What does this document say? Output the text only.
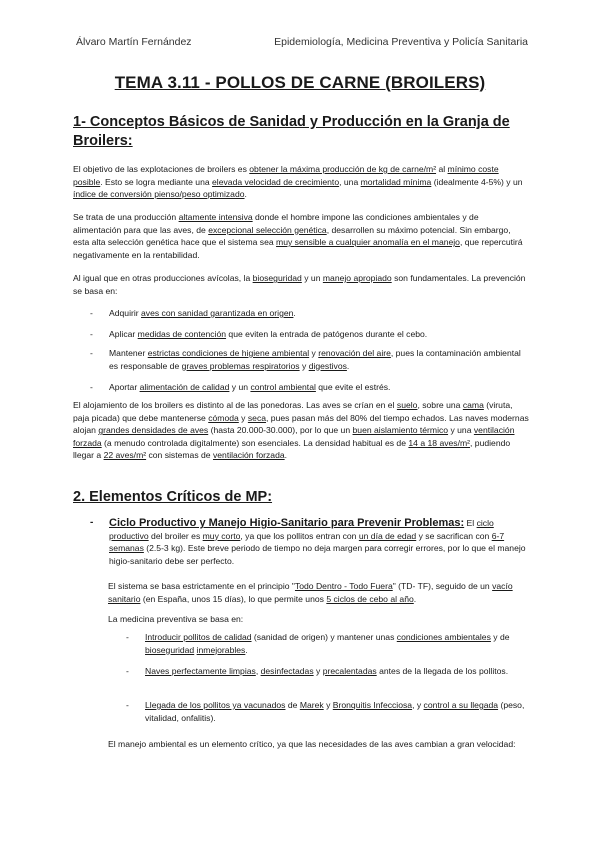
Álvaro Martín Fernández	Epidemiología, Medicina Preventiva y Policía Sanitaria
TEMA 3.11 - POLLOS DE CARNE (BROILERS)
1- Conceptos Básicos de Sanidad y Producción en la Granja de
Broilers:

El objetivo de las explotaciones de broilers es obtener la máxima producción de kg de carne/m² al mínimo coste posible. Esto se logra mediante una elevada velocidad de crecimiento, una mortalidad mínima (idealmente 4-5%) y un índice de conversión pienso/peso optimizado.

Se trata de una producción altamente intensiva donde el hombre impone las condiciones ambientales y de alimentación para que las aves, de excepcional selección genética, desarrollen su máximo potencial. Sin embargo, esta alta selección genética hace que el sistema sea muy sensible a cualquier anomalía en el manejo, que repercutirá negativamente en la rentabilidad.

Al igual que en otras producciones avícolas, la bioseguridad y un manejo apropiado son fundamentales. La prevención se basa en:

- Adquirir aves con sanidad garantizada en origen.
- Aplicar medidas de contención que eviten la entrada de patógenos durante el cebo.
- Mantener estrictas condiciones de higiene ambiental y renovación del aire, pues la contaminación ambiental es responsable de graves problemas respiratorios y digestivos.
- Aportar alimentación de calidad y un control ambiental que evite el estrés.

El alojamiento de los broilers es distinto al de las ponedoras. Las aves se crían en el suelo, sobre una cama (viruta, paja picada) que debe mantenerse cómoda y seca, pues pasan más del 80% del tiempo echados. Las naves modernas alojan grandes densidades de aves (hasta 20.000-30.000), por lo que un buen aislamiento térmico y una ventilación forzada (a menudo controlada digitalmente) son esenciales. La densidad habitual es de 14 a 18 aves/m², pudiendo llegar a 22 aves/m² con sistemas de ventilación forzada.

2. Elementos Críticos de MP:
- Ciclo Productivo y Manejo Higio-Sanitario para Prevenir Problemas: El ciclo productivo del broiler es muy corto, ya que los pollitos entran con un día de edad y se sacrifican con 6-7 semanas (2.5-3 kg). Este breve periodo de tiempo no deja margen para corregir errores, por lo que el manejo higio-sanitario debe ser perfecto.

El sistema se basa estrictamente en el principio "Todo Dentro - Todo Fuera" (TD- TF), seguido de un vacío sanitario (en España, unos 15 días), lo que permite unos 5 ciclos de cebo al año.

La medicina preventiva se basa en:

- Introducir pollitos de calidad (sanidad de origen) y mantener unas condiciones ambientales y de bioseguridad inmejorables.
- Naves perfectamente limpias, desinfectadas y precalentadas antes de la llegada de los pollitos.
- Llegada de los pollitos ya vacunados de Marek y Bronquitis Infecciosa, y control a su llegada (peso, vitalidad, onfalitis).

El manejo ambiental es un elemento crítico, ya que las necesidades de las aves cambian a gran velocidad:
